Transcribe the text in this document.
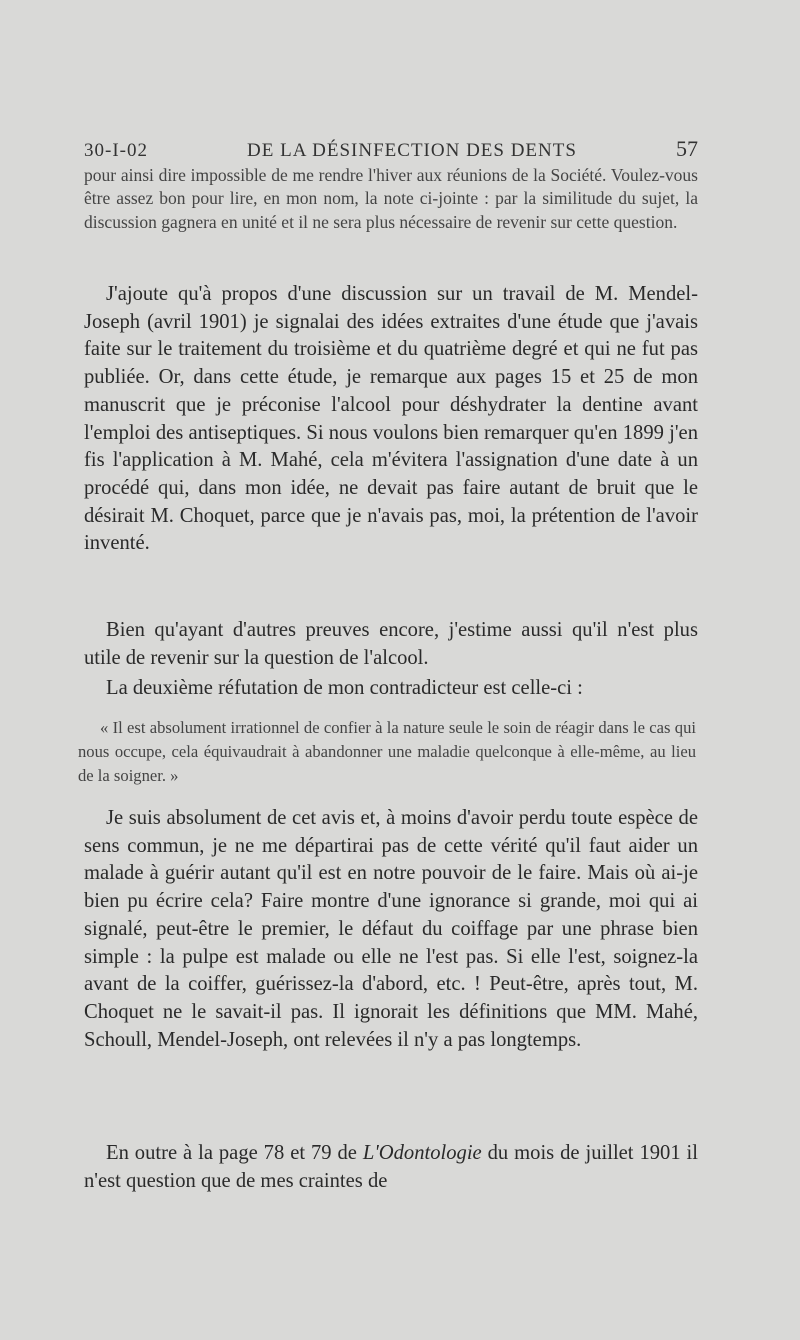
30-I-02	DE LA DÉSINFECTION DES DENTS	57

pour ainsi dire impossible de me rendre l'hiver aux réunions de la Société. Voulez-vous être assez bon pour lire, en mon nom, la note ci-jointe : par la similitude du sujet, la discussion gagnera en unité et il ne sera plus nécessaire de revenir sur cette question.

J'ajoute qu'à propos d'une discussion sur un travail de M. Mendel-Joseph (avril 1901) je signalai des idées extraites d'une étude que j'avais faite sur le traitement du troisième et du quatrième degré et qui ne fut pas publiée. Or, dans cette étude, je remarque aux pages 15 et 25 de mon manuscrit que je préconise l'alcool pour déshydrater la dentine avant l'emploi des antiseptiques. Si nous voulons bien remarquer qu'en 1899 j'en fis l'application à M. Mahé, cela m'évitera l'assignation d'une date à un procédé qui, dans mon idée, ne devait pas faire autant de bruit que le désirait M. Choquet, parce que je n'avais pas, moi, la prétention de l'avoir inventé.

Bien qu'ayant d'autres preuves encore, j'estime aussi qu'il n'est plus utile de revenir sur la question de l'alcool.

La deuxième réfutation de mon contradicteur est celle-ci :

« Il est absolument irrationnel de confier à la nature seule le soin de réagir dans le cas qui nous occupe, cela équivaudrait à abandonner une maladie quelconque à elle-même, au lieu de la soigner. »

Je suis absolument de cet avis et, à moins d'avoir perdu toute espèce de sens commun, je ne me départirai pas de cette vérité qu'il faut aider un malade à guérir autant qu'il est en notre pouvoir de le faire. Mais où ai-je bien pu écrire cela? Faire montre d'une ignorance si grande, moi qui ai signalé, peut-être le premier, le défaut du coiffage par une phrase bien simple : la pulpe est malade ou elle ne l'est pas. Si elle l'est, soignez-la avant de la coiffer, guérissez-la d'abord, etc. ! Peut-être, après tout, M. Choquet ne le savait-il pas. Il ignorait les définitions que MM. Mahé, Schoull, Mendel-Joseph, ont relevées il n'y a pas longtemps.

En outre à la page 78 et 79 de L'Odontologie du mois de juillet 1901 il n'est question que de mes craintes de
